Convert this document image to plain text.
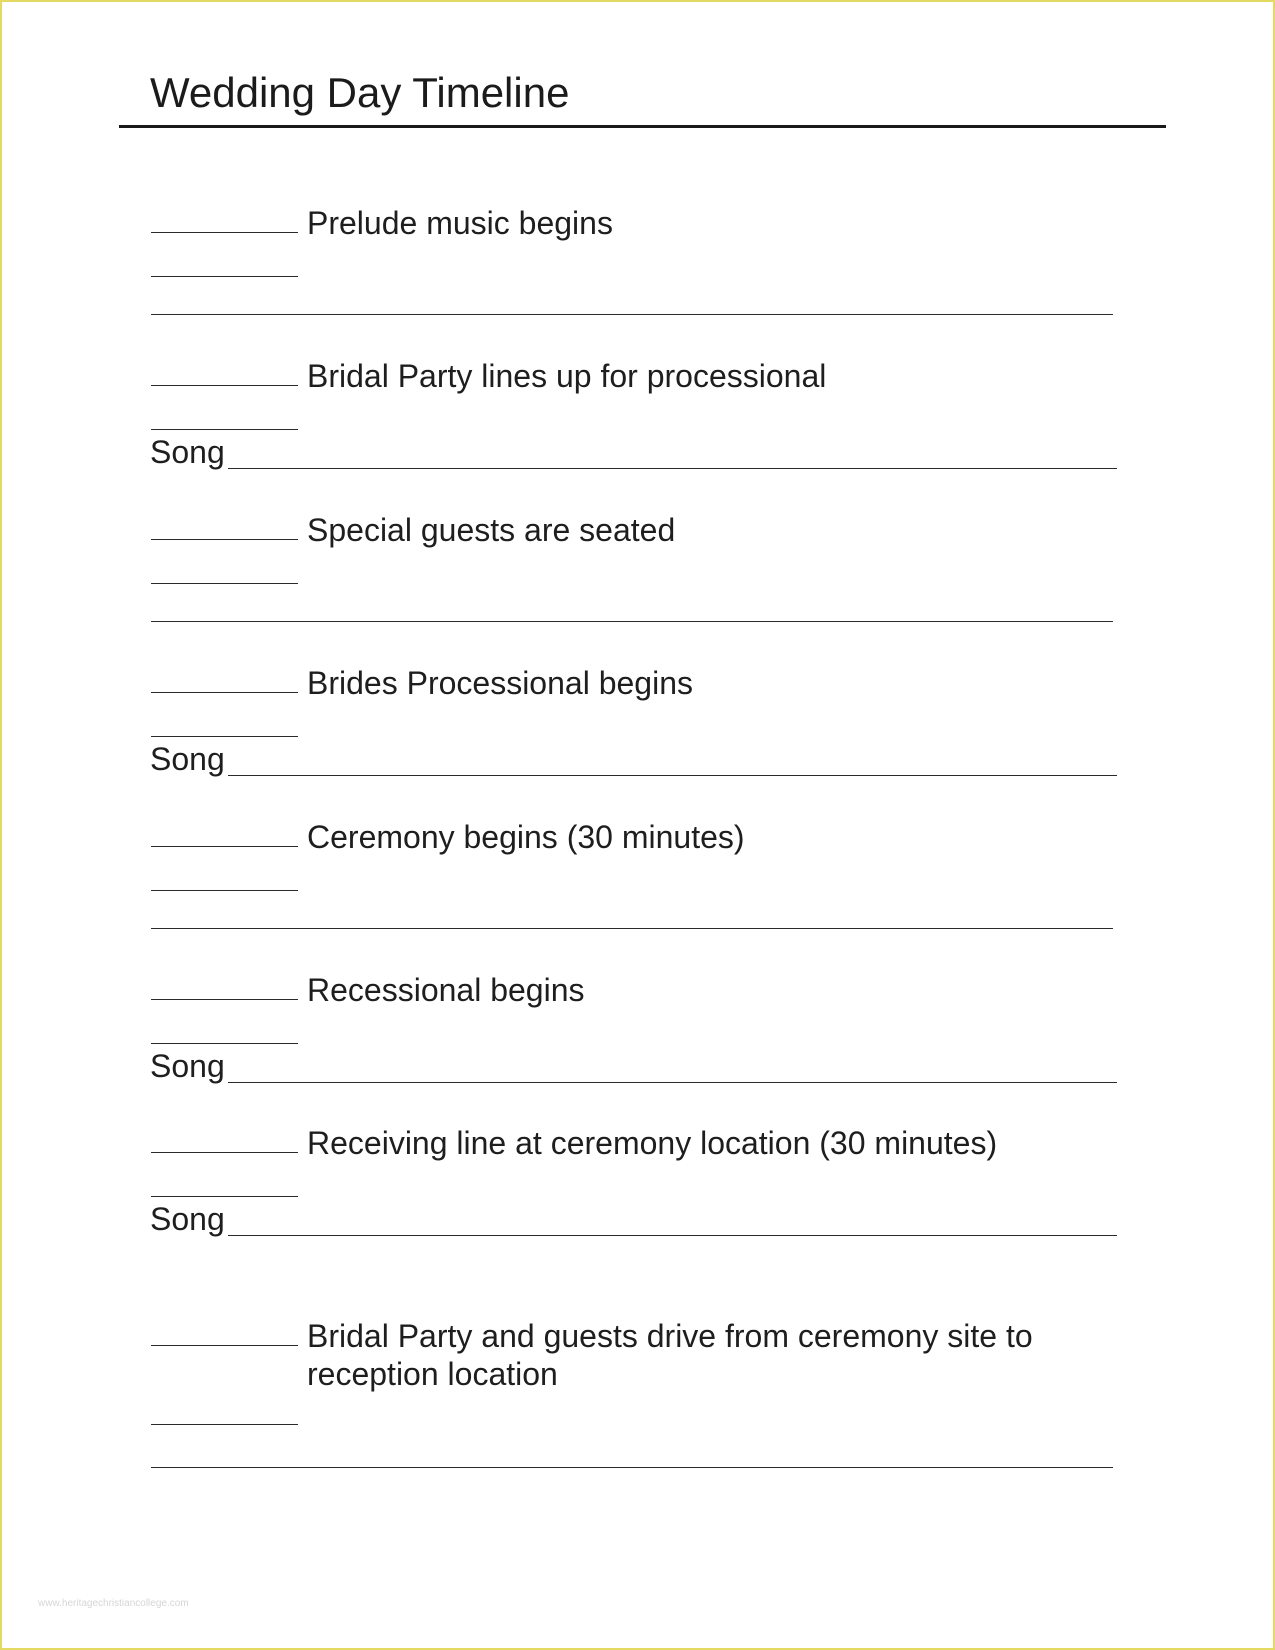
Wedding Day Timeline
Prelude music begins
Bridal Party lines up for processional
Song
Special guests are seated
Brides Processional begins
Song
Ceremony begins (30 minutes)
Recessional begins
Song
Receiving line at ceremony location (30 minutes)
Song
Bridal Party and guests drive from ceremony site to reception location
www.heritagechristiancollege.com
